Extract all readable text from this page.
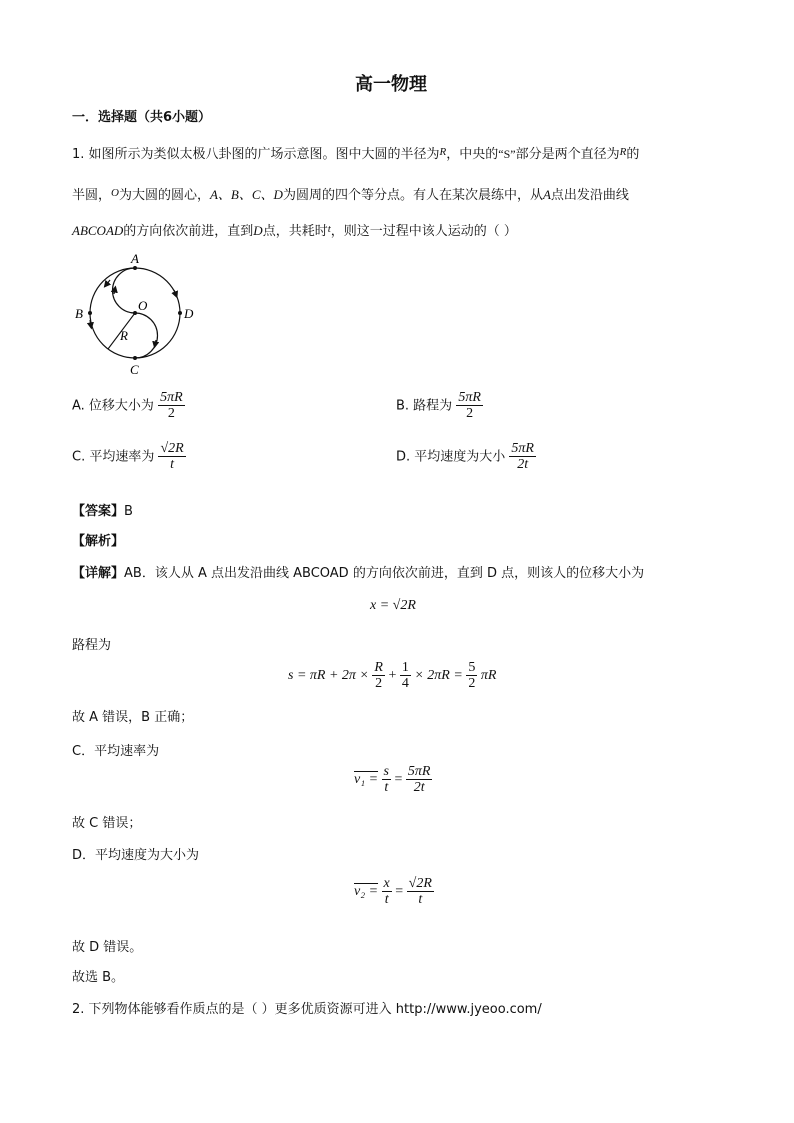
高一物理
一．选择题（共6小题）
1. 如图所示为类似太极八卦图的广场示意图。图中大圆的半径为$^R$，中央的“S”部分是两个直径为$^R$的
半圆，$^O$为大圆的圆心，A、B、C、D为圆周的四个等分点。有人在某次晨练中，从A点出发沿曲线
ABCOAD的方向依次前进，直到D点，共耗时$^t$，则这一过程中该人运动的（ ）
A
B
C
D
O
R
A. 位移大小为 $\frac{5\pi R}{2}$	B. 路程为 $\frac{5\pi R}{2}$
C. 平均速率为 $\frac{√2R}{t}$	D. 平均速度为大小 $\frac{5\pi R}{2t}$
【答案】B
【解析】
【详解】AB．该人从 A 点出发沿曲线 ABCOAD 的方向依次前进，直到 D 点，则该人的位移大小为
x = √2R
路程为
$s = \pi R + 2\pi \times \frac{R}{2} + \frac{1}{4} \times 2\pi R = \frac{5}{2}$ πR
故 A 错误，B 正确；
C．平均速率为
$v_1 = \frac{s}{t} = \frac{5\pi R}{2t}$
故 C 错误；
D．平均速度为大小为
$v_2 = \frac{x}{t} = \frac{√2R}{t}$
故 D 错误。
故选 B。
2. 下列物体能够看作质点的是（ ）更多优质资源可进入 http://www.jyeoo.com/
